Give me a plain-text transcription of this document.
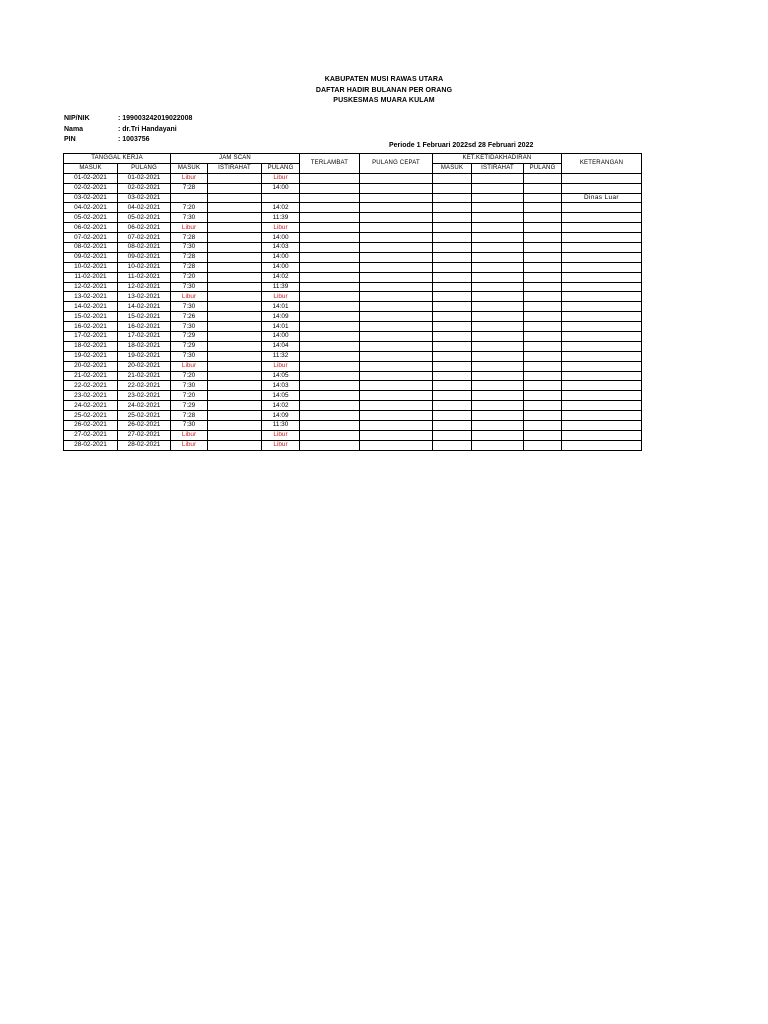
KABUPATEN MUSI RAWAS UTARA
DAFTAR HADIR BULANAN PER ORANG
PUSKESMAS MUARA KULAM
NIP/NIK	: 199003242019022008
Nama	: dr.Tri Handayani
PIN	: 1003756
Periode 1 Februari 2022sd 28 Februari 2022
TANGGAL KERJA		JAM SCAN			TERLAMBAT	PULANG CEPAT	KET.KETIDAKHADIRAN			KETERANGAN
MASUK	PULANG	MASUK	ISTIRAHAT	PULANG			MASUK	ISTIRAHAT	PULANG	
01-02-2021	01-02-2021	Libur		Libur						
02-02-2021	02-02-2021	7:28		14:00						
03-02-2021	03-02-2021									Dinas Luar
04-02-2021	04-02-2021	7:20		14:02						
05-02-2021	05-02-2021	7:30		11:39						
06-02-2021	06-02-2021	Libur		Libur						
07-02-2021	07-02-2021	7:28		14:00						
08-02-2021	08-02-2021	7:30		14:03						
09-02-2021	09-02-2021	7:28		14:00						
10-02-2021	10-02-2021	7:28		14:00						
11-02-2021	11-02-2021	7:20		14:02						
12-02-2021	12-02-2021	7:30		11:39						
13-02-2021	13-02-2021	Libur		Libur						
14-02-2021	14-02-2021	7:30		14:01						
15-02-2021	15-02-2021	7:26		14:09						
16-02-2021	16-02-2021	7:30		14:01						
17-02-2021	17-02-2021	7:29		14:00						
18-02-2021	18-02-2021	7:29		14:04						
19-02-2021	19-02-2021	7:30		11:32						
20-02-2021	20-02-2021	Libur		Libur						
21-02-2021	21-02-2021	7:20		14:05						
22-02-2021	22-02-2021	7:30		14:03						
23-02-2021	23-02-2021	7:20		14:05						
24-02-2021	24-02-2021	7:29		14:02						
25-02-2021	25-02-2021	7:28		14:09						
26-02-2021	26-02-2021	7:30		11:30						
27-02-2021	27-02-2021	Libur		Libur						
28-02-2021	28-02-2021	Libur		Libur						
